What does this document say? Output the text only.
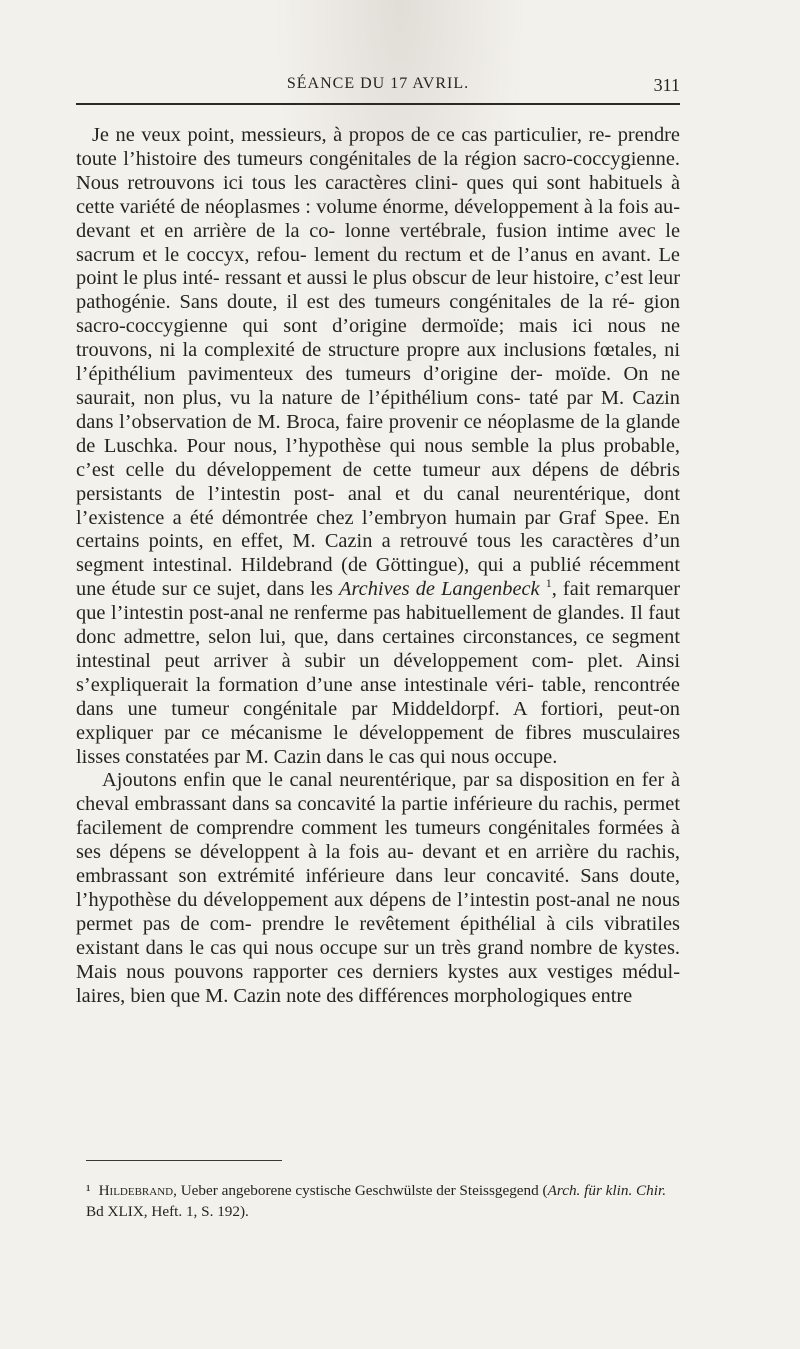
SÉANCE DU 17 AVRIL.	311

Je ne veux point, messieurs, à propos de ce cas particulier, re- prendre toute l’histoire des tumeurs congénitales de la région sacro-coccygienne. Nous retrouvons ici tous les caractères clini- ques qui sont habituels à cette variété de néoplasmes : volume énorme, développement à la fois au-devant et en arrière de la co- lonne vertébrale, fusion intime avec le sacrum et le coccyx, refou- lement du rectum et de l’anus en avant. Le point le plus inté- ressant et aussi le plus obscur de leur histoire, c’est leur pathogénie. Sans doute, il est des tumeurs congénitales de la ré- gion sacro-coccygienne qui sont d’origine dermoïde; mais ici nous ne trouvons, ni la complexité de structure propre aux inclusions fœtales, ni l’épithélium pavimenteux des tumeurs d’origine der- moïde. On ne saurait, non plus, vu la nature de l’épithélium cons- taté par M. Cazin dans l’observation de M. Broca, faire provenir ce néoplasme de la glande de Luschka. Pour nous, l’hypothèse qui nous semble la plus probable, c’est celle du développement de cette tumeur aux dépens de débris persistants de l’intestin post- anal et du canal neurentérique, dont l’existence a été démontrée chez l’embryon humain par Graf Spee. En certains points, en effet, M. Cazin a retrouvé tous les caractères d’un segment intestinal. Hildebrand (de Göttingue), qui a publié récemment une étude sur ce sujet, dans les Archives de Langenbeck $^1$, fait remarquer que l’intestin post-anal ne renferme pas habituellement de glandes. Il faut donc admettre, selon lui, que, dans certaines circonstances, ce segment intestinal peut arriver à subir un développement com- plet. Ainsi s’expliquerait la formation d’une anse intestinale véri- table, rencontrée dans une tumeur congénitale par Middeldorpf. A fortiori, peut-on expliquer par ce mécanisme le développement de fibres musculaires lisses constatées par M. Cazin dans le cas qui nous occupe.

Ajoutons enfin que le canal neurentérique, par sa disposition en fer à cheval embrassant dans sa concavité la partie inférieure du rachis, permet facilement de comprendre comment les tumeurs congénitales formées à ses dépens se développent à la fois au- devant et en arrière du rachis, embrassant son extrémité inférieure dans leur concavité. Sans doute, l’hypothèse du développement aux dépens de l’intestin post-anal ne nous permet pas de com- prendre le revêtement épithélial à cils vibratiles existant dans le cas qui nous occupe sur un très grand nombre de kystes. Mais nous pouvons rapporter ces derniers kystes aux vestiges médul- laires, bien que M. Cazin note des différences morphologiques entre

¹ Hildebrand, Ueber angeborene cystische Geschwülste der Steissgegend (Arch. für klin. Chir. Bd XLIX, Heft. 1, S. 192).
